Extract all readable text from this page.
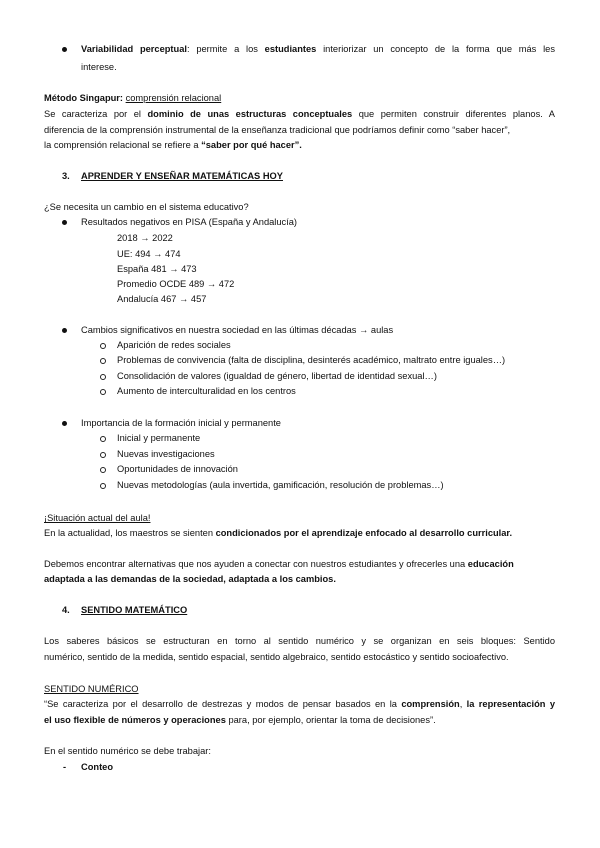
Variabilidad perceptual: permite a los estudiantes interiorizar un concepto de la forma que más les
interese.
Método Singapur: comprensión relacional
Se caracteriza por el dominio de unas estructuras conceptuales que permiten construir diferentes planos. A
diferencia de la comprensión instrumental de la enseñanza tradicional que podríamos definir como “saber hacer”,
la comprensión relacional se refiere a “saber por qué hacer”.
3. APRENDER Y ENSEÑAR MATEMÁTICAS HOY
¿Se necesita un cambio en el sistema educativo?
Resultados negativos en PISA (España y Andalucía)
2018 → 2022
UE: 494 → 474
España 481 → 473
Promedio OCDE 489 → 472
Andalucía 467 → 457
Cambios significativos en nuestra sociedad en las últimas décadas → aulas
Aparición de redes sociales
Problemas de convivencia (falta de disciplina, desinterés académico, maltrato entre iguales…)
Consolidación de valores (igualdad de género, libertad de identidad sexual…)
Aumento de interculturalidad en los centros
Importancia de la formación inicial y permanente
Inicial y permanente
Nuevas investigaciones
Oportunidades de innovación
Nuevas metodologías (aula invertida, gamificación, resolución de problemas…)
¡Situación actual del aula!
En la actualidad, los maestros se sienten condicionados por el aprendizaje enfocado al desarrollo curricular.
Debemos encontrar alternativas que nos ayuden a conectar con nuestros estudiantes y ofrecerles una educación
adaptada a las demandas de la sociedad, adaptada a los cambios.
4. SENTIDO MATEMÁTICO
Los saberes básicos se estructuran en torno al sentido numérico y se organizan en seis bloques: Sentido
numérico, sentido de la medida, sentido espacial, sentido algebraico, sentido estocástico y sentido socioafectivo.
SENTIDO NUMÉRICO
“Se caracteriza por el desarrollo de destrezas y modos de pensar basados en la comprensión, la representación y
el uso flexible de números y operaciones para, por ejemplo, orientar la toma de decisiones”.
En el sentido numérico se debe trabajar:
- Conteo
